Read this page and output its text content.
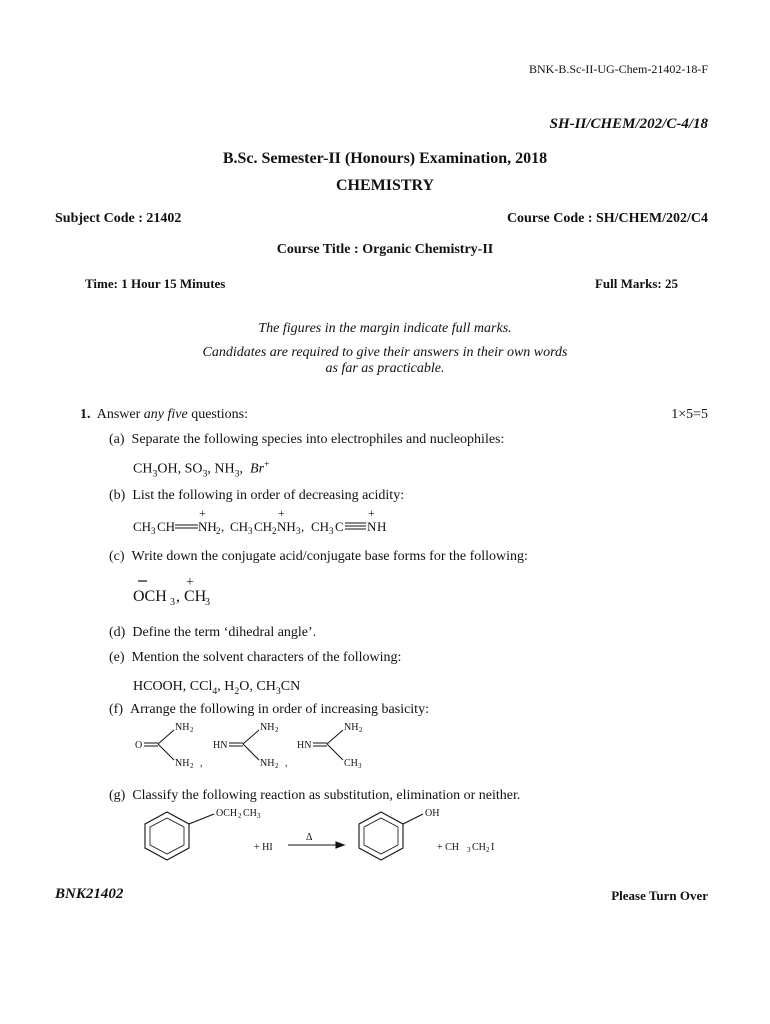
BNK-B.Sc-II-UG-Chem-21402-18-F
SH-II/CHEM/202/C-4/18
B.Sc. Semester-II (Honours) Examination, 2018
CHEMISTRY
Subject Code : 21402	Course Code : SH/CHEM/202/C4
Course Title : Organic Chemistry-II
Time: 1 Hour 15 Minutes	Full Marks: 25
The figures in the margin indicate full marks.
Candidates are required to give their answers in their own words
as far as practicable.
1. Answer any five questions:	1×5=5
(a) Separate the following species into electrophiles and nucleophiles:
$CH_3OH$, $SO_3$, $NH_3$,  Br+
(b) List the following in order of decreasing acidity:
CH 3 CH
+
NH 2 , CH 3 CH 2
+
NH 3 , CH 3 C
+
N H
(c) Write down the conjugate acid/conjugate base forms for the following:
+
OCH 3 , CH
3
(d) Define the term ‘dihedral angle’.
(e) Mention the solvent characters of the following:
HCOOH, CCl$_4$, $H_2O$, $CH_3CN$
(f) Arrange the following in order of increasing basicity:
O
NH 2
NH 2 ,
HN
NH 2
NH 2 ,
HN
NH 2
CH 3
(g) Classify the following reaction as substitution, elimination or neither.
OCH 2 CH 3
+ HI
Δ
OH
+ CH 3 CH 2 I
BNK21402	Please Turn Over
